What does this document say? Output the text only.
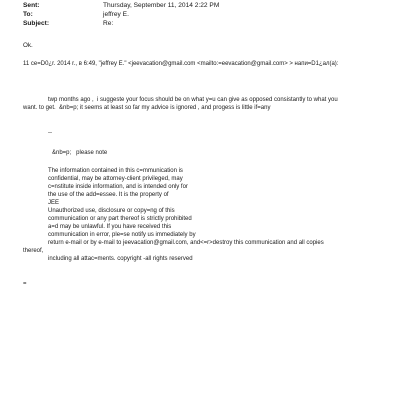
Sent:	Thursday, September 11, 2014 2:22 PM
To:	jeffrey E.
Subject:	Re:
Ok.
11 ce=D0¿r. 2014 r., в 6:49, "jeffrey E." <jeevacation@gmail.com <mailto:=eevacation@gmail.com> > напи=D1¿ал(a):
twp months ago ,  i suggeste your focus should be on what y=u can give as opposed consistantly to what you
want. to get.  &nb=p; it seems at least so far my advice is ignored , and progess is little if=any
--
&nb=p;   please note
The information contained in this c=mmunication is
confidential, may be attorney-client privileged, may
c=nstitute inside information, and is intended only for
the use of the add=essee. It is the property of
JEE
Unauthorized use, disclosure or copy=ng of this
communication or any part thereof is strictly prohibited
a=d may be unlawful. If you have received this
communication in error, ple=se notify us immediately by
return e-mail or by e-mail to jeevacation@gmail.com, and<=r>destroy this communication and all copies
thereof,
including all attac=ments. copyright -all rights reserved
=
